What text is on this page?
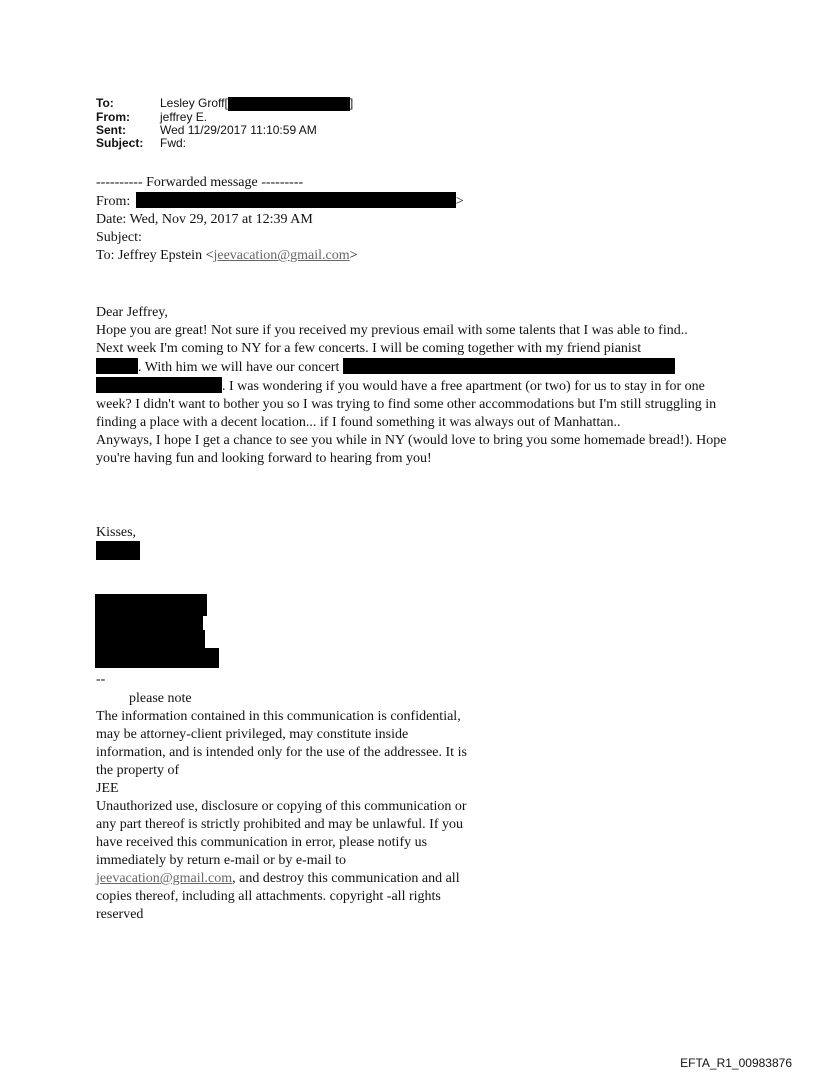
To:	Lesley Groff[	]
From:	jeffrey E.
Sent:	Wed 11/29/2017 11:10:59 AM
Subject:	Fwd:
---------- Forwarded message ---------
From:	>
Date: Wed, Nov 29, 2017 at 12:39 AM
Subject:
To: Jeffrey Epstein <jeevacation@gmail.com>
Dear Jeffrey,
Hope you are great! Not sure if you received my previous email with some talents that I was able to find..
Next week I'm coming to NY for a few concerts. I will be coming together with my friend pianist
. With him we will have our concert
. I was wondering if you would have a free apartment (or two) for us to stay in for one week? I didn't want to bother you so I was trying to find some other accommodations but I'm still struggling in finding a place with a decent location... if I found something it was always out of Manhattan..
Anyways, I hope I get a chance to see you while in NY (would love to bring you some homemade bread!). Hope you're having fun and looking forward to hearing from you!
Kisses,
--
please note
The information contained in this communication is confidential, may be attorney-client privileged, may constitute inside information, and is intended only for the use of the addressee. It is the property of
JEE
Unauthorized use, disclosure or copying of this communication or any part thereof is strictly prohibited and may be unlawful. If you have received this communication in error, please notify us immediately by return e-mail or by e-mail to jeevacation@gmail.com, and destroy this communication and all copies thereof, including all attachments. copyright -all rights reserved
EFTA_R1_00983876
